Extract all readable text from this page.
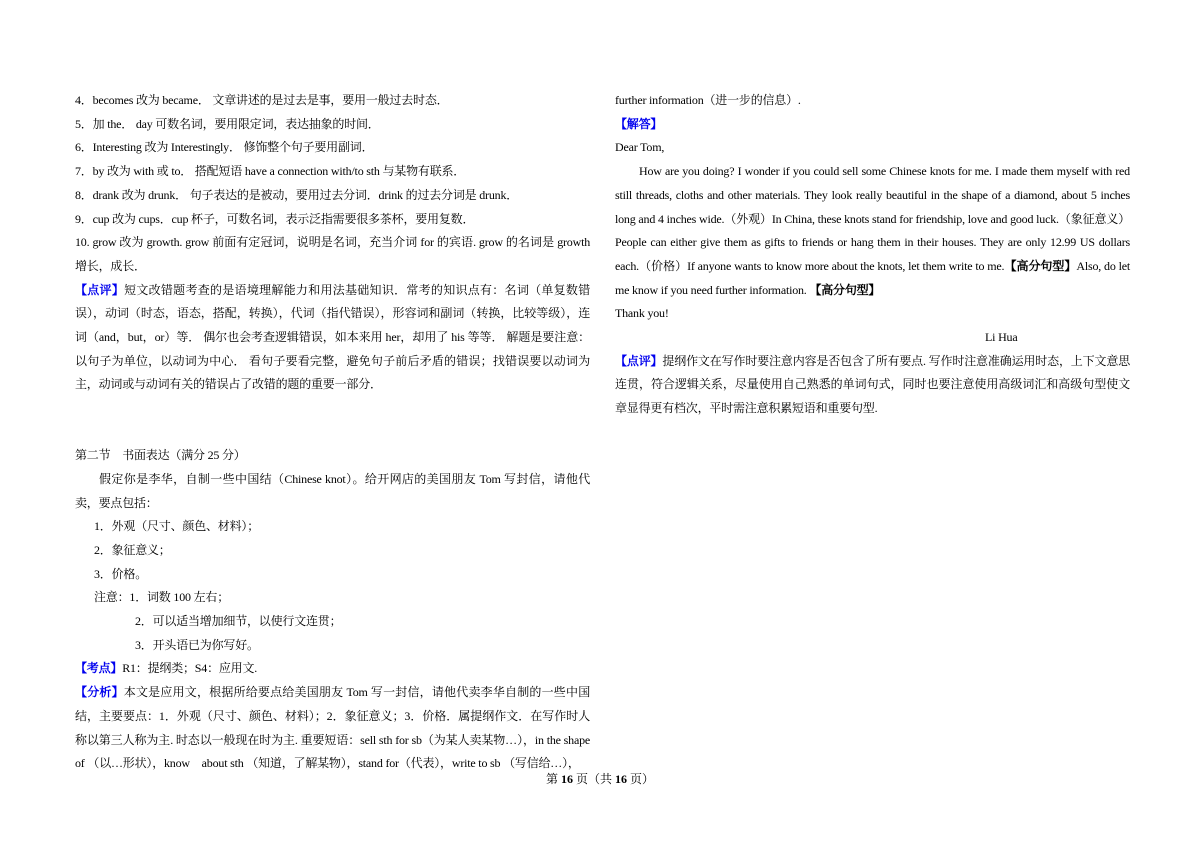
4．becomes 改为 became． 文章讲述的是过去是事，要用一般过去时态．

5．加 the． day 可数名词，要用限定词，表达抽象的时间．

6．Interesting 改为 Interestingly． 修饰整个句子要用副词．

7．by 改为 with 或 to． 搭配短语 have a connection with/to sth 与某物有联系．

8．drank 改为 drunk． 句子表达的是被动，要用过去分词．drink 的过去分词是 drunk．

9．cup 改为 cups．cup 杯子，可数名词，表示泛指需要很多茶杯，要用复数．

10. grow 改为 growth. grow 前面有定冠词，说明是名词，充当介词 for 的宾语. grow 的名词是 growth 增长，成长．

【点评】短文改错题考查的是语境理解能力和用法基础知识．常考的知识点有：名词（单复数错误），动词（时态，语态，搭配，转换），代词（指代错误），形容词和副词（转换，比较等级），连词（and，but，or）等． 偶尔也会考查逻辑错误，如本来用 her，却用了 his 等等． 解题是要注意：以句子为单位，以动词为中心． 看句子要看完整，避免句子前后矛盾的错误；找错误要以动词为主，动词或与动词有关的错误占了改错的题的重要一部分．

第二节　书面表达（满分 25 分）

假定你是李华，自制一些中国结（Chinese knot）。给开网店的美国朋友 Tom 写封信，请他代卖，要点包括：

1．外观（尺寸、颜色、材料）；

2．象征意义；

3．价格。

注意：1．词数 100 左右；

2．可以适当增加细节，以使行文连贯；

3．开头语已为你写好。

【考点】R1：提纲类；S4：应用文.

【分析】本文是应用文，根据所给要点给美国朋友 Tom 写一封信，请他代卖李华自制的一些中国结，主要要点：1．外观（尺寸、颜色、材料）；2．象征意义；3．价格．属提纲作文．在写作时人称以第三人称为主. 时态以一般现在时为主. 重要短语：sell sth for sb（为某人卖某物…），in the shape of （以…形状），know　about sth （知道，了解某物），stand for（代表），write to sb （写信给…），

further information（进一步的信息）.

【解答】

Dear Tom,

How are you doing? I wonder if you could sell some Chinese knots for me. I made them myself with red still threads, cloths and other materials. They look really beautiful in the shape of a diamond, about 5 inches long and 4 inches wide.（外观）In China, these knots stand for friendship, love and good luck.（象征意义）People can either give them as gifts to friends or hang them in their houses. They are only 12.99 US dollars each.（价格）If anyone wants to know more about the knots, let them write to me.【高分句型】Also, do let me know if you need further information. 【高分句型】

Thank you!

Li Hua

【点评】提纲作文在写作时要注意内容是否包含了所有要点. 写作时注意准确运用时态，上下文意思连贯，符合逻辑关系，尽量使用自己熟悉的单词句式，同时也要注意使用高级词汇和高级句型使文章显得更有档次，平时需注意积累短语和重要句型.

第 16 页（共 16 页）
